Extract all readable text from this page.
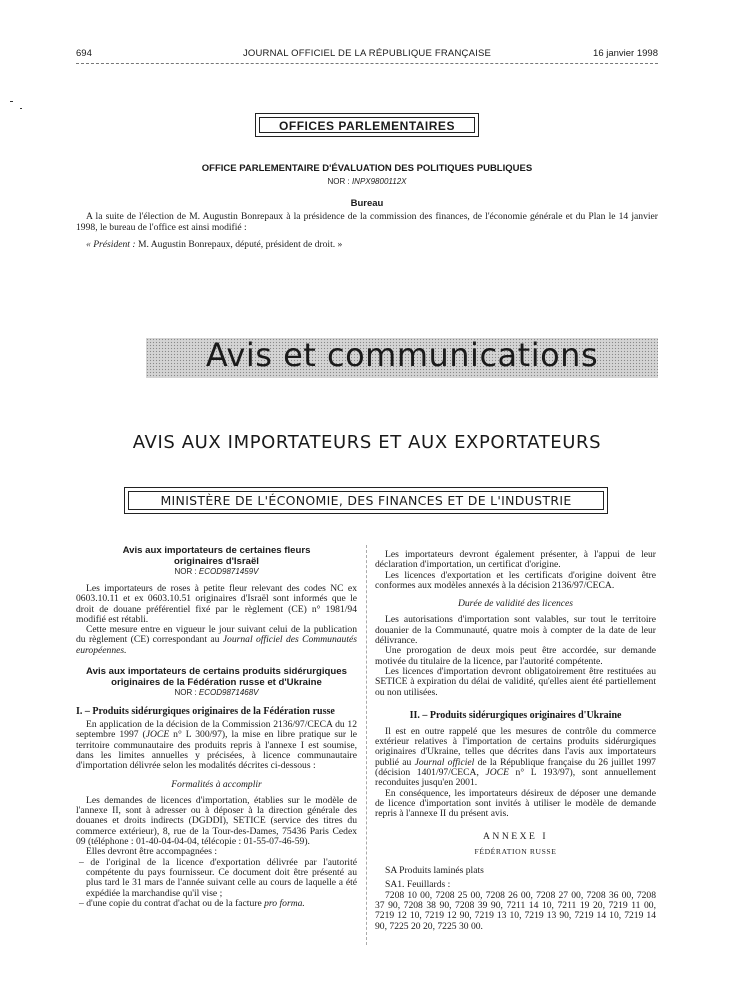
694	JOURNAL OFFICIEL DE LA RÉPUBLIQUE FRANÇAISE	16 janvier 1998
OFFICES PARLEMENTAIRES
OFFICE PARLEMENTAIRE D'ÉVALUATION DES POLITIQUES PUBLIQUES
NOR : INPX9800112X
Bureau

A la suite de l'élection de M. Augustin Bonrepaux à la présidence de la commission des finances, de l'économie générale et du Plan le 14 janvier 1998, le bureau de l'office est ainsi modifié :

« Président : M. Augustin Bonrepaux, député, président de droit. »

Avis et communications
AVIS AUX IMPORTATEURS ET AUX EXPORTATEURS
MINISTÈRE DE L'ÉCONOMIE, DES FINANCES ET DE L'INDUSTRIE
Avis aux importateurs de certaines fleurs
originaires d'Israël
NOR : ECOD9871459V

Les importateurs de roses à petite fleur relevant des codes NC ex 0603.10.11 et ex 0603.10.51 originaires d'Israël sont informés que le droit de douane préférentiel fixé par le règlement (CE) n° 1981/94 modifié est rétabli.

Cette mesure entre en vigueur le jour suivant celui de la publication du règlement (CE) correspondant au Journal officiel des Communautés européennes.

Avis aux importateurs de certains produits sidérurgiques
originaires de la Fédération russe et d'Ukraine
NOR : ECOD9871468V
I. – Produits sidérurgiques originaires de la Fédération russe

En application de la décision de la Commission 2136/97/CECA du 12 septembre 1997 (JOCE n° L 300/97), la mise en libre pratique sur le territoire communautaire des produits repris à l'annexe I est soumise, dans les limites annuelles y précisées, à licence communautaire d'importation délivrée selon les modalités décrites ci-dessous :

Formalités à accomplir

Les demandes de licences d'importation, établies sur le modèle de l'annexe II, sont à adresser ou à déposer à la direction générale des douanes et droits indirects (DGDDI), SETICE (service des titres du commerce extérieur), 8, rue de la Tour-des-Dames, 75436 Paris Cedex 09 (téléphone : 01-40-04-04-04, télécopie : 01-55-07-46-59).

Elles devront être accompagnées :

– de l'original de la licence d'exportation délivrée par l'autorité compétente du pays fournisseur. Ce document doit être présenté au plus tard le 31 mars de l'année suivant celle au cours de laquelle a été expédiée la marchandise qu'il vise ;

– d'une copie du contrat d'achat ou de la facture pro forma.

Les importateurs devront également présenter, à l'appui de leur déclaration d'importation, un certificat d'origine.

Les licences d'exportation et les certificats d'origine doivent être conformes aux modèles annexés à la décision 2136/97/CECA.

Durée de validité des licences

Les autorisations d'importation sont valables, sur tout le territoire douanier de la Communauté, quatre mois à compter de la date de leur délivrance.

Une prorogation de deux mois peut être accordée, sur demande motivée du titulaire de la licence, par l'autorité compétente.

Les licences d'importation devront obligatoirement être restituées au SETICE à expiration du délai de validité, qu'elles aient été partiellement ou non utilisées.

II. – Produits sidérurgiques originaires d'Ukraine

Il est en outre rappelé que les mesures de contrôle du commerce extérieur relatives à l'importation de certains produits sidérurgiques originaires d'Ukraine, telles que décrites dans l'avis aux importateurs publié au Journal officiel de la République française du 26 juillet 1997 (décision 1401/97/CECA, JOCE n° L 193/97), sont annuellement reconduites jusqu'en 2001.

En conséquence, les importateurs désireux de déposer une demande de licence d'importation sont invités à utiliser le modèle de demande repris à l'annexe II du présent avis.

ANNEXE I
FÉDÉRATION RUSSE

SA Produits laminés plats

SA1. Feuillards :

7208 10 00, 7208 25 00, 7208 26 00, 7208 27 00, 7208 36 00, 7208 37 90, 7208 38 90, 7208 39 90, 7211 14 10, 7211 19 20, 7219 11 00, 7219 12 10, 7219 12 90, 7219 13 10, 7219 13 90, 7219 14 10, 7219 14 90, 7225 20 20, 7225 30 00.
